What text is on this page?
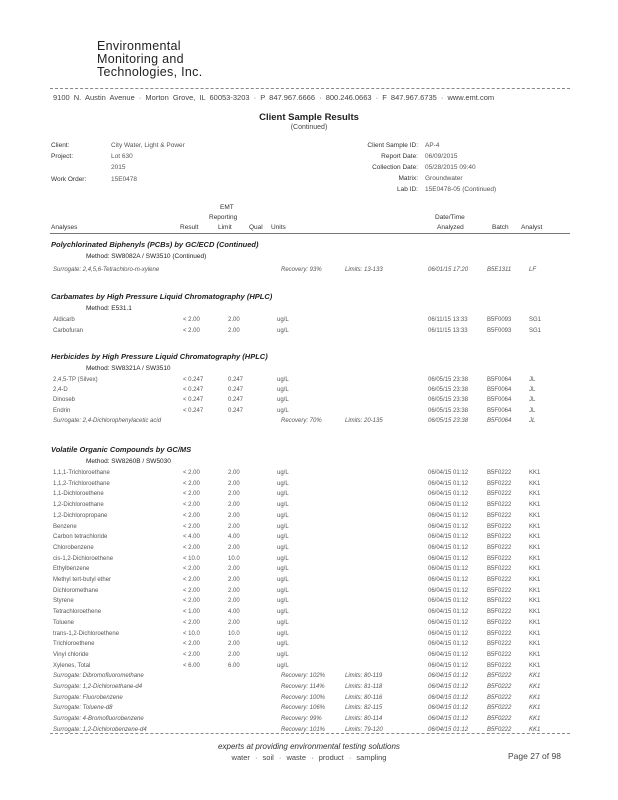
Environmental
Monitoring and
Technologies, Inc.
9100 N. Austin Avenue · Morton Grove, IL 60053-3203 · P 847.967.6666 · 800.246.0663 · F 847.967.6735 · www.emt.com
Client Sample Results
(Continued)
Client:	City Water, Light & Power
Project:	Lot 630
2015
Work Order:	15E0478
Client Sample ID: AP-4
Report Date: 06/09/2015
Collection Date: 05/28/2015 09:40
Matrix: Groundwater
Lab ID: 15E0478-05 (Continued)
EMT
Reporting	Date/Time
Analyses	Result	Limit	Qual Units	Analyzed	Batch Analyst
Polychlorinated Biphenyls (PCBs) by GC/ECD (Continued)
Method: SW8082A / SW3510 (Continued)
Surrogate: 2,4,5,6-Tetrachloro-m-xylene	Recovery: 93%	Limits: 13-133	06/01/15 17:20	B5E1311	LF
Carbamates by High Pressure Liquid Chromatography (HPLC)
Method: E531.1
Aldicarb	< 2.00	2.00	ug/L	06/11/15 13:33	B5F0093	SG1
Carbofuran	< 2.00	2.00	ug/L	06/11/15 13:33	B5F0093	SG1
Herbicides by High Pressure Liquid Chromatography (HPLC)
Method: SW8321A / SW3510
2,4,5-TP (Silvex)	< 0.247	0.247	ug/L	06/05/15 23:38	B5F0064	JL
2,4-D	< 0.247	0.247	ug/L	06/05/15 23:38	B5F0064	JL
Dinoseb	< 0.247	0.247	ug/L	06/05/15 23:38	B5F0064	JL
Endrin	< 0.247	0.247	ug/L	06/05/15 23:38	B5F0064	JL
Surrogate: 2,4-Dichlorophenylacetic acid	Recovery: 70%	Limits: 20-135	06/05/15 23:38	B5F0064	JL
Volatile Organic Compounds by GC/MS
Method: SW8260B / SW5030
1,1,1-Trichloroethane	< 2.00	2.00	ug/L	06/04/15 01:12	B5F0222	KK1
1,1,2-Trichloroethane	< 2.00	2.00	ug/L	06/04/15 01:12	B5F0222	KK1
1,1-Dichloroethene	< 2.00	2.00	ug/L	06/04/15 01:12	B5F0222	KK1
1,2-Dichloroethane	< 2.00	2.00	ug/L	06/04/15 01:12	B5F0222	KK1
1,2-Dichloropropane	< 2.00	2.00	ug/L	06/04/15 01:12	B5F0222	KK1
Benzene	< 2.00	2.00	ug/L	06/04/15 01:12	B5F0222	KK1
Carbon tetrachloride	< 4.00	4.00	ug/L	06/04/15 01:12	B5F0222	KK1
Chlorobenzene	< 2.00	2.00	ug/L	06/04/15 01:12	B5F0222	KK1
cis-1,2-Dichloroethene	< 10.0	10.0	ug/L	06/04/15 01:12	B5F0222	KK1
Ethylbenzene	< 2.00	2.00	ug/L	06/04/15 01:12	B5F0222	KK1
Methyl tert-butyl ether	< 2.00	2.00	ug/L	06/04/15 01:12	B5F0222	KK1
Dichloromethane	< 2.00	2.00	ug/L	06/04/15 01:12	B5F0222	KK1
Styrene	< 2.00	2.00	ug/L	06/04/15 01:12	B5F0222	KK1
Tetrachloroethene	< 1.00	4.00	ug/L	06/04/15 01:12	B5F0222	KK1
Toluene	< 2.00	2.00	ug/L	06/04/15 01:12	B5F0222	KK1
trans-1,2-Dichloroethene	< 10.0	10.0	ug/L	06/04/15 01:12	B5F0222	KK1
Trichloroethene	< 2.00	2.00	ug/L	06/04/15 01:12	B5F0222	KK1
Vinyl chloride	< 2.00	2.00	ug/L	06/04/15 01:12	B5F0222	KK1
Xylenes, Total	< 6.00	6.00	ug/L	06/04/15 01:12	B5F0222	KK1
Surrogate: Dibromofluoromethane	Recovery: 102%	Limits: 80-119	06/04/15 01:12	B5F0222	KK1
Surrogate: 1,2-Dichloroethane-d4	Recovery: 114%	Limits: 81-118	06/04/15 01:12	B5F0222	KK1
Surrogate: Fluorobenzene	Recovery: 100%	Limits: 80-116	06/04/15 01:12	B5F0222	KK1
Surrogate: Toluene-d8	Recovery: 106%	Limits: 82-115	06/04/15 01:12	B5F0222	KK1
Surrogate: 4-Bromofluorobenzene	Recovery: 99%	Limits: 80-114	06/04/15 01:12	B5F0222	KK1
Surrogate: 1,2-Dichlorobenzene-d4	Recovery: 101%	Limits: 79-120	06/04/15 01:12	B5F0222	KK1
experts at providing environmental testing solutions
water · soil · waste · product · sampling	Page 27 of 98
